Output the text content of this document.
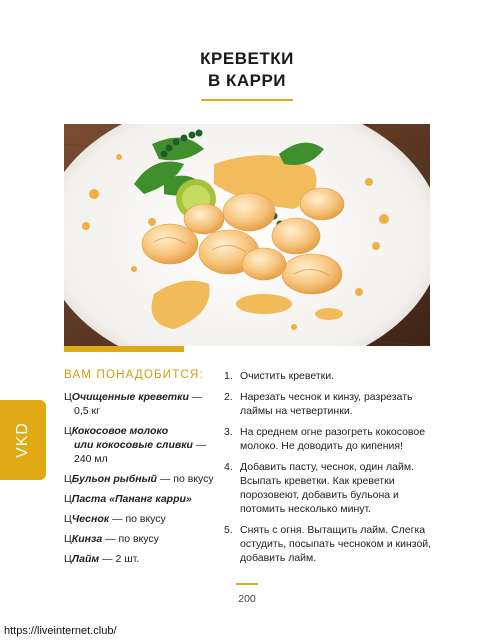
КРЕВЕТКИ
В КАРРИ
VKD
ВАМ ПОНАДОБИТСЯ:
ЦОчищенные креветки —
0,5 кг
ЦКокосовое молоко
или кокосовые сливки —
240 мл
ЦБульон рыбный — по вкусу
ЦПаста «Пананг карри»
ЦЧеснок — по вкусу
ЦКинза — по вкусу
ЦЛайм — 2 шт.
1. Очистить креветки.
2. Нарезать чеснок и кинзу, разрезать лаймы на четвертинки.
3. На среднем огне разогреть кокосовое молоко. Не доводить до кипения!
4. Добавить пасту, чеснок, один лайм. Всыпать креветки. Как креветки порозовеют, добавить бульона и потомить несколько минут.
5. Снять с огня. Вытащить лайм. Слегка остудить, посыпать чесноком и кинзой, добавить лайм.
200
https://liveinternet.club/
